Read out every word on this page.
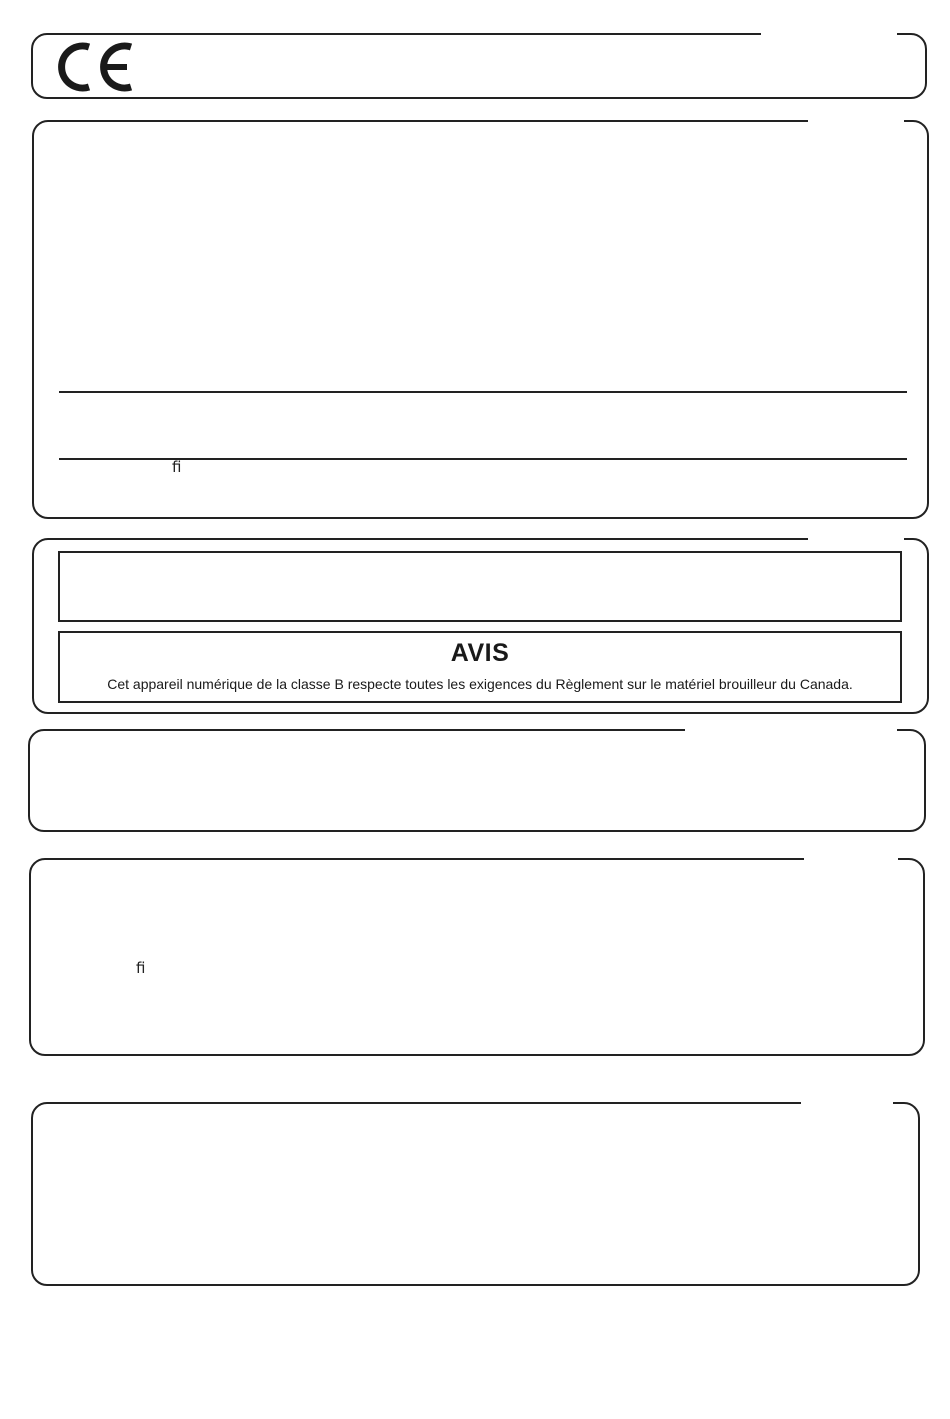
ﬁ
AVIS
Cet appareil numérique de la classe B respecte toutes les exigences du Règlement sur le matériel brouilleur du Canada.
ﬁ
